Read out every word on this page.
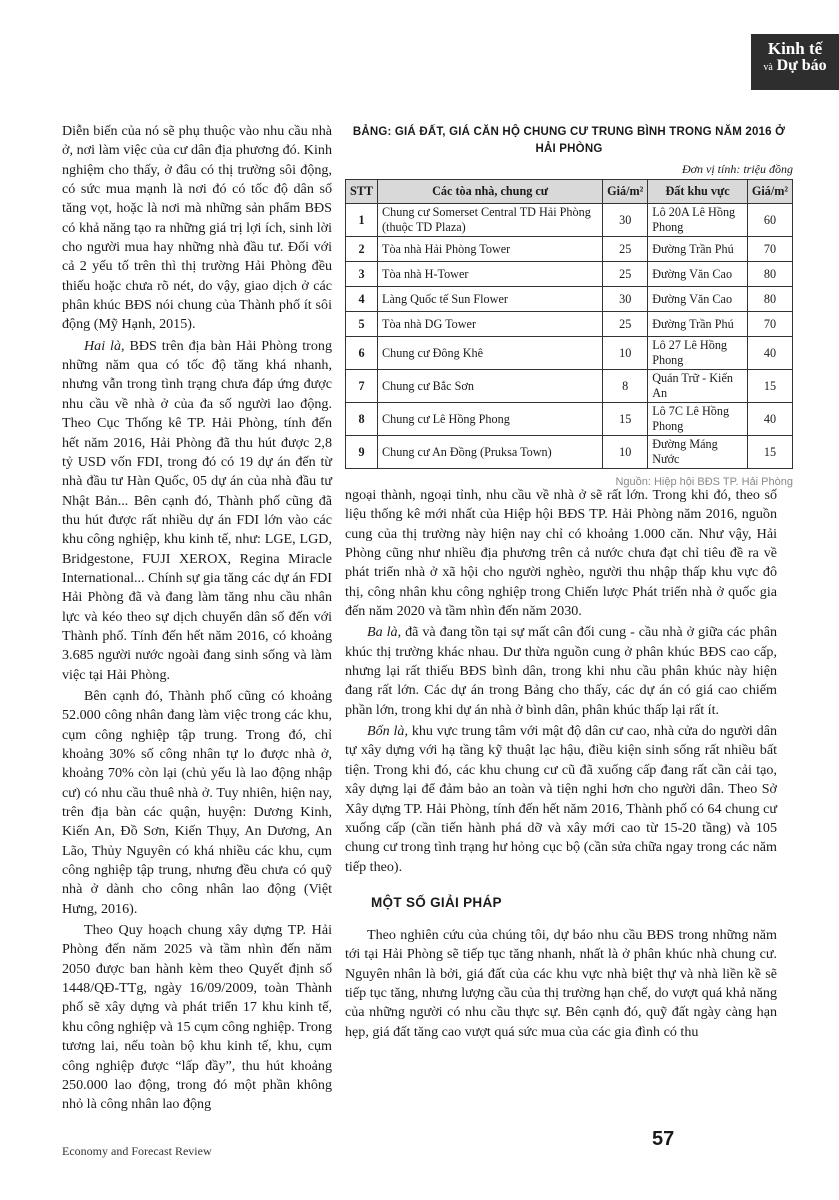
Kinh tế
và Dự báo

Diễn biến của nó sẽ phụ thuộc vào nhu cầu nhà ở, nơi làm việc của cư dân địa phương đó. Kinh nghiệm cho thấy, ở đâu có thị trường sôi động, có sức mua mạnh là nơi đó có tốc độ dân số tăng vọt, hoặc là nơi mà những sản phẩm BĐS có khả năng tạo ra những giá trị lợi ích, sinh lời cho người mua hay những nhà đầu tư. Đối với cả 2 yếu tố trên thì thị trường Hải Phòng đều thiếu hoặc chưa rõ nét, do vậy, giao dịch ở các phân khúc BĐS nói chung của Thành phố ít sôi động (Mỹ Hạnh, 2015).

Hai là, BĐS trên địa bàn Hải Phòng trong những năm qua có tốc độ tăng khá nhanh, nhưng vẫn trong tình trạng chưa đáp ứng được nhu cầu về nhà ở của đa số người lao động. Theo Cục Thống kê TP. Hải Phòng, tính đến hết năm 2016, Hải Phòng đã thu hút được 2,8 tỷ USD vốn FDI, trong đó có 19 dự án đến từ nhà đầu tư Hàn Quốc, 05 dự án của nhà đầu tư Nhật Bản... Bên cạnh đó, Thành phố cũng đã thu hút được rất nhiều dự án FDI lớn vào các khu công nghiệp, khu kinh tế, như: LGE, LGD, Bridgestone, FUJI XEROX, Regina Miracle International... Chính sự gia tăng các dự án FDI Hải Phòng đã và đang làm tăng nhu cầu nhân lực và kéo theo sự dịch chuyển dân số đến với Thành phố. Tính đến hết năm 2016, có khoảng 3.685 người nước ngoài đang sinh sống và làm việc tại Hải Phòng.

Bên cạnh đó, Thành phố cũng có khoảng 52.000 công nhân đang làm việc trong các khu, cụm công nghiệp tập trung. Trong đó, chỉ khoảng 30% số công nhân tự lo được nhà ở, khoảng 70% còn lại (chủ yếu là lao động nhập cư) có nhu cầu thuê nhà ở. Tuy nhiên, hiện nay, trên địa bàn các quận, huyện: Dương Kinh, Kiến An, Đồ Sơn, Kiến Thụy, An Dương, An Lão, Thủy Nguyên có khá nhiều các khu, cụm công nghiệp tập trung, nhưng đều chưa có quỹ nhà ở dành cho công nhân lao động (Việt Hưng, 2016).

Theo Quy hoạch chung xây dựng TP. Hải Phòng đến năm 2025 và tầm nhìn đến năm 2050 được ban hành kèm theo Quyết định số 1448/QĐ-TTg, ngày 16/09/2009, toàn Thành phố sẽ xây dựng và phát triển 17 khu kinh tế, khu công nghiệp và 15 cụm công nghiệp. Trong tương lai, nếu toàn bộ khu kinh tế, khu, cụm công nghiệp được “lấp đầy”, thu hút khoảng 250.000 lao động, trong đó một phần không nhỏ là công nhân lao động

BẢNG: GIÁ ĐẤT, GIÁ CĂN HỘ CHUNG CƯ TRUNG BÌNH TRONG NĂM 2016 Ở HẢI PHÒNG
Đơn vị tính: triệu đồng
STT	Các tòa nhà, chung cư	Giá/m²	Đất khu vực	Giá/m²
1	Chung cư Somerset Central TD Hải Phòng (thuộc TD Plaza)	30	Lô 20A Lê Hồng Phong	60
2	Tòa nhà Hải Phòng Tower	25	Đường Trần Phú	70
3	Tòa nhà H-Tower	25	Đường Văn Cao	80
4	Làng Quốc tế Sun Flower	30	Đường Văn Cao	80
5	Tòa nhà DG Tower	25	Đường Trần Phú	70
6	Chung cư Đông Khê	10	Lô 27 Lê Hồng Phong	40
7	Chung cư Bắc Sơn	8	Quán Trữ - Kiến An	15
8	Chung cư Lê Hồng Phong	15	Lô 7C Lê Hồng Phong	40
9	Chung cư An Đồng (Pruksa Town)	10	Đường Máng Nước	15
Nguồn: Hiệp hội BĐS TP. Hải Phòng

ngoại thành, ngoại tỉnh, nhu cầu về nhà ở sẽ rất lớn. Trong khi đó, theo số liệu thống kê mới nhất của Hiệp hội BĐS TP. Hải Phòng năm 2016, nguồn cung của thị trường này hiện nay chỉ có khoảng 1.000 căn. Như vậy, Hải Phòng cũng như nhiều địa phương trên cả nước chưa đạt chỉ tiêu đề ra về phát triển nhà ở xã hội cho người nghèo, người thu nhập thấp khu vực đô thị, công nhân khu công nghiệp trong Chiến lược Phát triển nhà ở quốc gia đến năm 2020 và tầm nhìn đến năm 2030.

Ba là, đã và đang tồn tại sự mất cân đối cung - cầu nhà ở giữa các phân khúc thị trường khác nhau. Dư thừa nguồn cung ở phân khúc BĐS cao cấp, nhưng lại rất thiếu BĐS bình dân, trong khi nhu cầu phân khúc này hiện đang rất lớn. Các dự án trong Bảng cho thấy, các dự án có giá cao chiếm phần lớn, trong khi dự án nhà ở bình dân, phân khúc thấp lại rất ít.

Bốn là, khu vực trung tâm với mật độ dân cư cao, nhà cửa do người dân tự xây dựng với hạ tầng kỹ thuật lạc hậu, điều kiện sinh sống rất nhiều bất tiện. Trong khi đó, các khu chung cư cũ đã xuống cấp đang rất cần cải tạo, xây dựng lại để đảm bảo an toàn và tiện nghi hơn cho người dân. Theo Sở Xây dựng TP. Hải Phòng, tính đến hết năm 2016, Thành phố có 64 chung cư xuống cấp (cần tiến hành phá dỡ và xây mới cao từ 15-20 tầng) và 105 chung cư trong tình trạng hư hỏng cục bộ (cần sửa chữa ngay trong các năm tiếp theo).

MỘT SỐ GIẢI PHÁP

Theo nghiên cứu của chúng tôi, dự báo nhu cầu BĐS trong những năm tới tại Hải Phòng sẽ tiếp tục tăng nhanh, nhất là ở phân khúc nhà chung cư. Nguyên nhân là bởi, giá đất của các khu vực nhà biệt thự và nhà liền kề sẽ tiếp tục tăng, nhưng lượng cầu của thị trường hạn chế, do vượt quá khả năng của những người có nhu cầu thực sự. Bên cạnh đó, quỹ đất ngày càng hạn hẹp, giá đất tăng cao vượt quá sức mua của các gia đình có thu

Economy and Forecast Review
57
